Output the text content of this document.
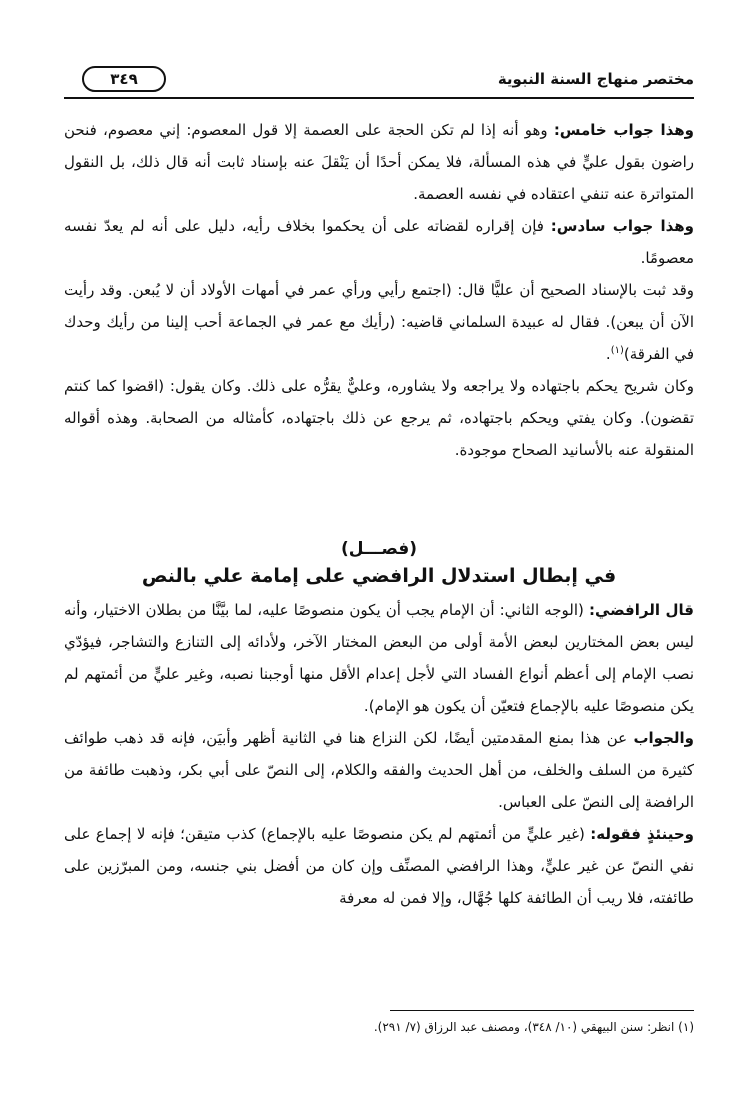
مختصر منهاج السنة النبوية
٣٤٩

وهذا جواب خامس: وهو أنه إذا لم تكن الحجة على العصمة إلا قول المعصوم: إني معصوم، فنحن راضون بقول عليٍّ في هذه المسألة، فلا يمكن أحدًا أن يَنْقلَ عنه بإسناد ثابت أنه قال ذلك، بل النقول المتواترة عنه تنفي اعتقاده في نفسه العصمة.

وهذا جواب سادس: فإن إقراره لقضاته على أن يحكموا بخلاف رأيه، دليل على أنه لم يعدّ نفسه معصومًا.

وقد ثبت بالإسناد الصحيح أن عليًّا قال: (اجتمع رأيي ورأي عمر في أمهات الأولاد أن لا يُبعن. وقد رأيت الآن أن يبعن). فقال له عبيدة السلماني قاضيه: (رأيك مع عمر في الجماعة أحب إلينا من رأيك وحدك في الفرقة)$^{(١)}$.

وكان شريح يحكم باجتهاده ولا يراجعه ولا يشاوره، وعليٌّ يقرُّه على ذلك. وكان يقول: (اقضوا كما كنتم تقضون). وكان يفتي ويحكم باجتهاده، ثم يرجع عن ذلك باجتهاده، كأمثاله من الصحابة. وهذه أقواله المنقولة عنه بالأسانيد الصحاح موجودة.

(فصـــل)
في إبطال استدلال الرافضي على إمامة علي بالنص

قال الرافضي: (الوجه الثاني: أن الإمام يجب أن يكون منصوصًا عليه، لما بيَّنَّا من بطلان الاختيار، وأنه ليس بعض المختارين لبعض الأمة أولى من البعض المختار الآخر، ولأدائه إلى التنازع والتشاجر، فيؤدّي نصب الإمام إلى أعظم أنواع الفساد التي لأجل إعدام الأقل منها أوجبنا نصبه، وغير عليٍّ من أئمتهم لم يكن منصوصًا عليه بالإجماع فتعيّن أن يكون هو الإمام).

والجواب عن هذا بمنع المقدمتين أيضًا، لكن النزاع هنا في الثانية أظهر وأبيَن، فإنه قد ذهب طوائف كثيرة من السلف والخلف، من أهل الحديث والفقه والكلام، إلى النصّ على أبي بكر، وذهبت طائفة من الرافضة إلى النصّ على العباس.

وحينئذٍ فقوله: (غير عليٍّ من أئمتهم لم يكن منصوصًا عليه بالإجماع) كذب متيقن؛ فإنه لا إجماع على نفي النصّ عن غير عليٍّ، وهذا الرافضي المصنِّف وإن كان من أفضل بني جنسه، ومن المبرّزين على طائفته، فلا ريب أن الطائفة كلها جُهَّال، وإلا فمن له معرفة

(١) انظر: سنن البيهقي (١٠/ ٣٤٨)، ومصنف عبد الرزاق (٧/ ٢٩١).
